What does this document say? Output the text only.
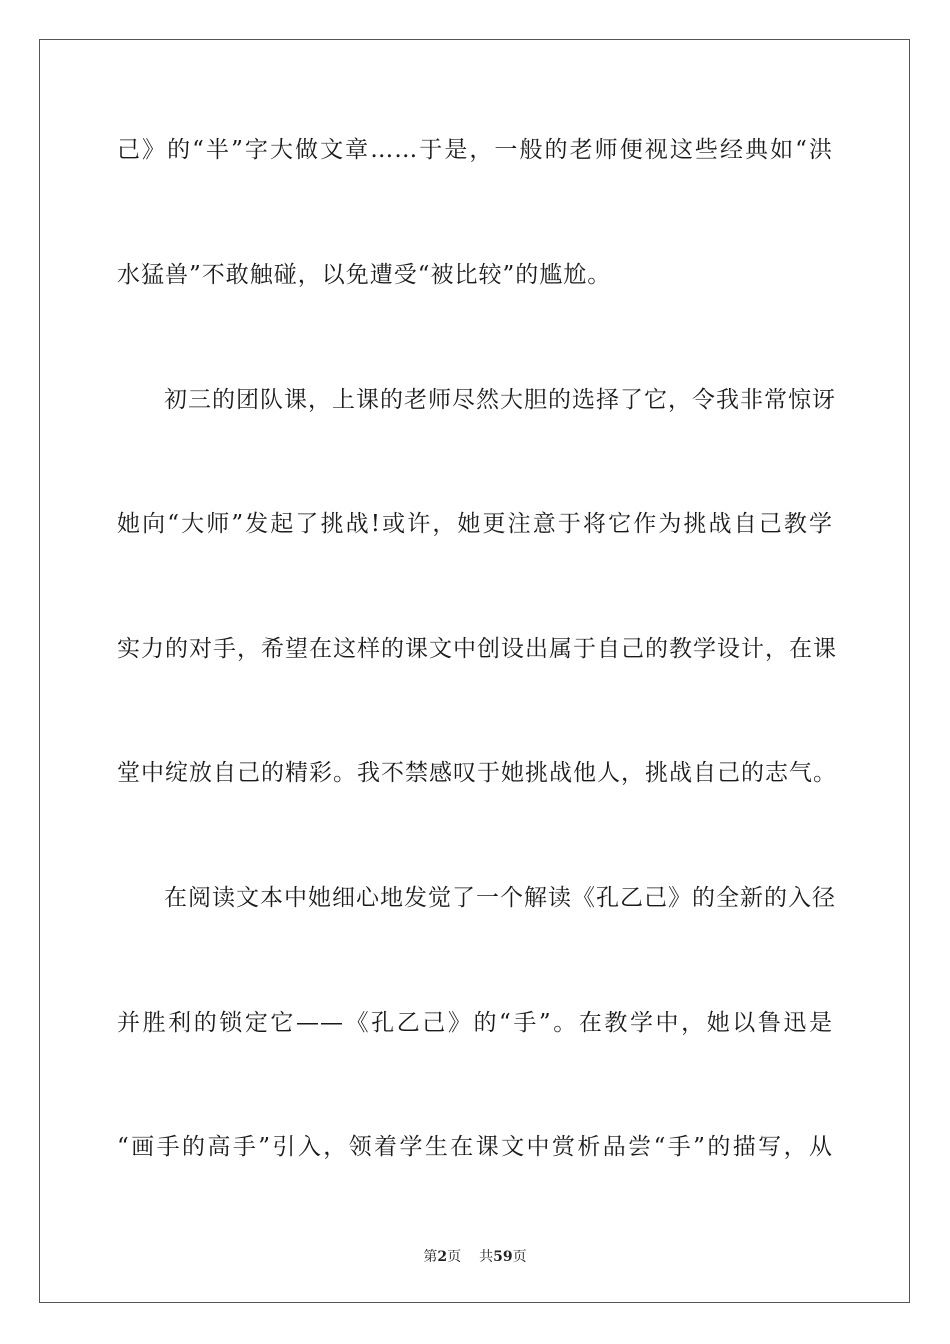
己》的“半”字大做文章……于是，一般的老师便视这些经典如“洪
水猛兽”不敢触碰，以免遭受“被比较”的尴尬。
初三的团队课，上课的老师尽然大胆的选择了它，令我非常惊讶
她向“大师”发起了挑战!或许，她更注意于将它作为挑战自己教学
实力的对手，希望在这样的课文中创设出属于自己的教学设计，在课
堂中绽放自己的精彩。我不禁感叹于她挑战他人，挑战自己的志气。
在阅读文本中她细心地发觉了一个解读《孔乙己》的全新的入径
并胜利的锁定它——《孔乙己》的“手”。在教学中，她以鲁迅是
“画手的高手”引入，领着学生在课文中赏析品尝“手”的描写，从
第2页 共59页
